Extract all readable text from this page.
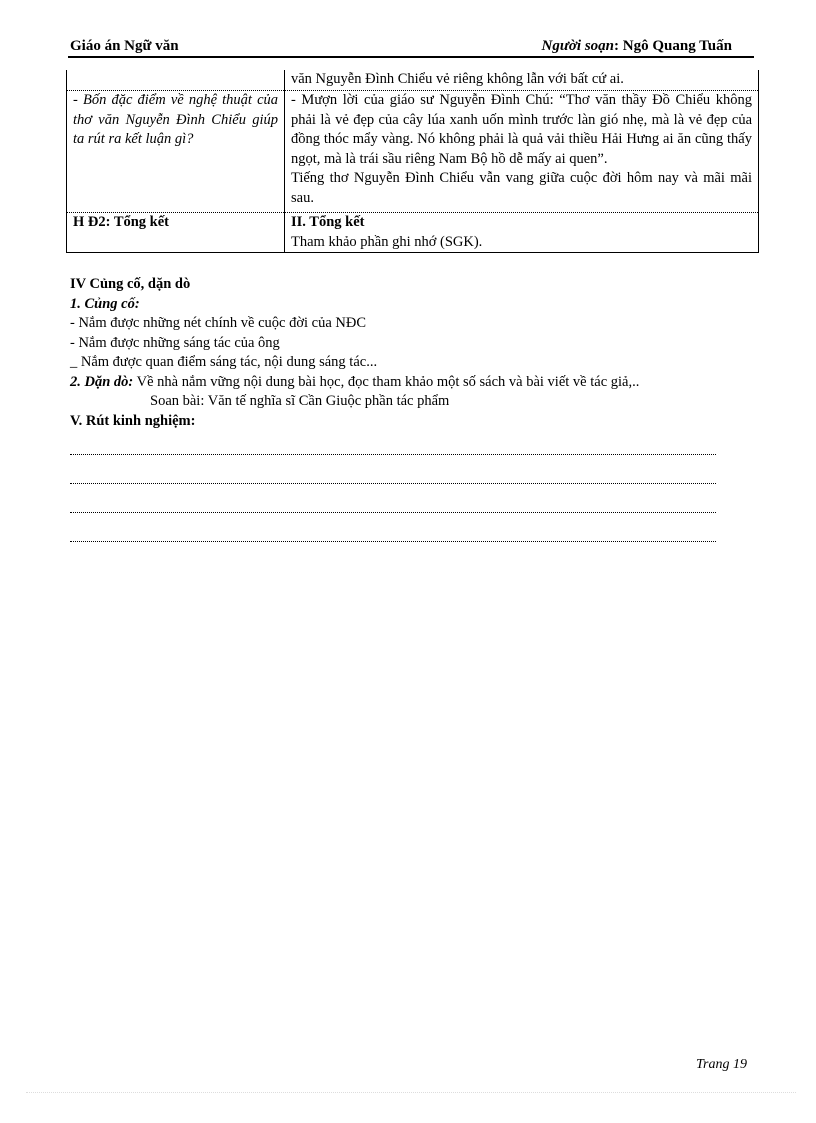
Giáo án Ngữ văn	Người soạn: Ngô Quang Tuấn
	văn Nguyễn Đình Chiểu vẻ riêng không lẫn với bất cứ ai.
- Bốn đặc điểm về nghệ thuật của thơ văn Nguyễn Đình Chiểu giúp ta rút ra kết luận gì?	- Mượn lời của giáo sư Nguyễn Đình Chú: “Thơ văn thầy Đồ Chiểu không phải là vẻ đẹp của cây lúa xanh uốn mình trước làn gió nhẹ, mà là vẻ đẹp của đồng thóc mẩy vàng. Nó không phải là quả vải thiều Hải Hưng ai ăn cũng thấy ngọt, mà là trái sầu riêng Nam Bộ hồ dễ mấy ai quen”.
Tiếng thơ Nguyễn Đình Chiểu vẫn vang giữa cuộc đời hôm nay và mãi mãi sau.

H Đ2: Tổng kết	II. Tổng kết
Tham khảo phần ghi nhớ (SGK).

IV Củng cố, dặn dò

1. Củng cố:

- Nắm được những nét chính về cuộc đời của NĐC

- Nắm được những sáng tác của ông

_ Nắm được quan điểm sáng tác, nội dung sáng tác...

2. Dặn dò: Về nhà nắm vững nội dung bài học, đọc tham khảo một số sách và bài viết về tác giả,..

Soan bài: Văn tế nghĩa sĩ Cần Giuộc phần tác phẩm

V. Rút kinh nghiệm:

Trang 19
